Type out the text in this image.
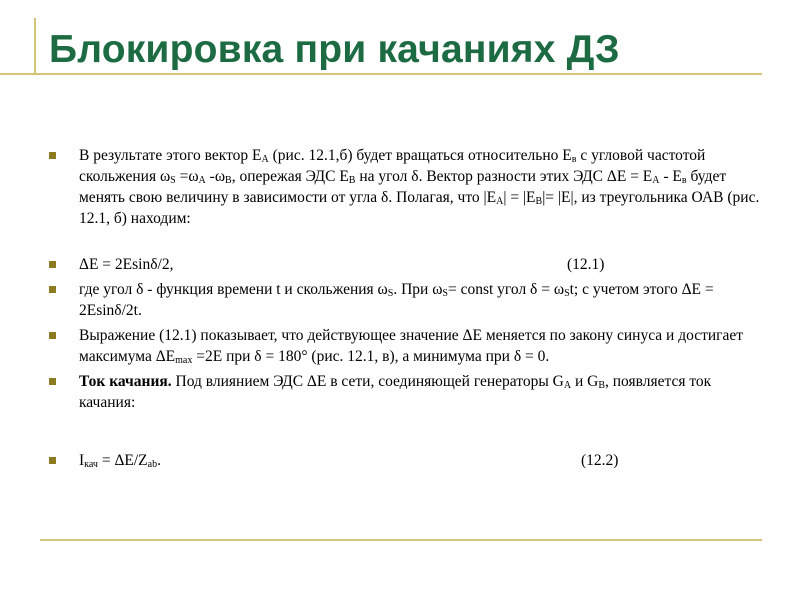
Блокировка при качаниях ДЗ
В результате этого вектор $Е_А$ (рис. 12.1,б) будет вращаться относительно $Е_в$ с угловой частотой скольжения $\omega_S =\omega_A$ $-\omega_B$, опережая ЭДС $Е_В$ на угол δ. Вектор разности этих ЭДС $\Delta Е = Е_А - Е_в$ будет менять свою величину в зависимости от угла δ. Полагая, что $|Е_А| = |Е_В|= |Е|$, из треугольника ОАВ (рис. 12.1, б) находим:
ΔЕ = 2Esinδ/2,	(12.1)
где угол δ - функция времени t и скольжения $\omega_S$. При $\omega_S=$ const угол $\delta = \omega_St$; с учетом этого ΔE = 2Esinδ/2t.
Выражение (12.1) показывает, что действующее значение ΔE меняется по закону синуса и достигает максимума $\Delta E_{max} =2E$ при δ = 180° (рис. 12.1, в), а минимума при δ = 0.
Ток качания. Под влиянием ЭДС ΔE в сети, соединяющей генераторы $G_A$ и $G_B$, появляется ток качания:
$I_{кач} = \Delta E/Z_{ab}$.	(12.2)
